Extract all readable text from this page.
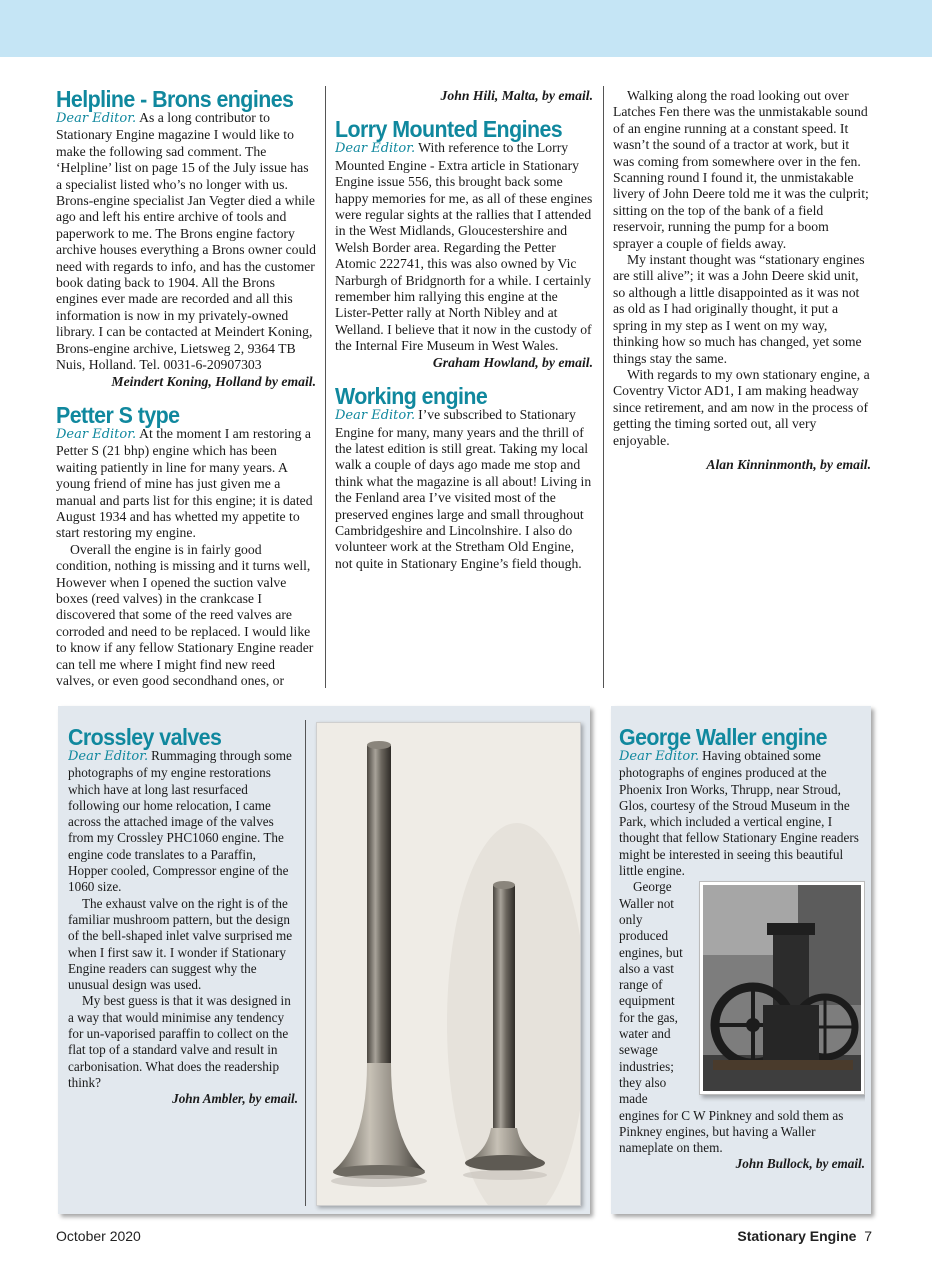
Helpline - Brons engines

Dear Editor. As a long contributor to Stationary Engine magazine I would like to make the following sad comment. The ‘Helpline’ list on page 15 of the July issue has a specialist listed who’s no longer with us. Brons-engine specialist Jan Vegter died a while ago and left his entire archive of tools and paperwork to me. The Brons engine factory archive houses everything a Brons owner could need with regards to info, and has the customer book dating back to 1904. All the Brons engines ever made are recorded and all this information is now in my privately-owned library. I can be contacted at Meindert Koning, Brons-engine archive, Lietsweg 2, 9364 TB Nuis, Holland. Tel. 0031-6-20907303

Meindert Koning, Holland by email.

Petter S type

Dear Editor. At the moment I am restoring a Petter S (21 bhp) engine which has been waiting patiently in line for many years. A young friend of mine has just given me a manual and parts list for this engine; it is dated August 1934 and has whetted my appetite to start restoring my engine.

Overall the engine is in fairly good condition, nothing is missing and it turns well, However when I opened the suction valve boxes (reed valves) in the crankcase I discovered that some of the reed valves are corroded and need to be replaced. I would like to know if any fellow Stationary Engine reader can tell me where I might find new reed valves, or even good secondhand ones, or

John Hili, Malta, by email.

Lorry Mounted Engines

Dear Editor. With reference to the Lorry Mounted Engine - Extra article in Stationary Engine issue 556, this brought back some happy memories for me, as all of these engines were regular sights at the rallies that I attended in the West Midlands, Gloucestershire and Welsh Border area. Regarding the Petter Atomic 222741, this was also owned by Vic Narburgh of Bridgnorth for a while. I certainly remember him rallying this engine at the Lister-Petter rally at North Nibley and at Welland. I believe that it now in the custody of the Internal Fire Museum in West Wales.

Graham Howland, by email.

Working engine

Dear Editor. I’ve subscribed to Stationary Engine for many, many years and the thrill of the latest edition is still great. Taking my local walk a couple of days ago made me stop and think what the magazine is all about! Living in the Fenland area I’ve visited most of the preserved engines large and small throughout Cambridgeshire and Lincolnshire. I also do volunteer work at the Stretham Old Engine, not quite in Stationary Engine’s field though.

Walking along the road looking out over Latches Fen there was the unmistakable sound of an engine running at a constant speed. It wasn’t the sound of a tractor at work, but it was coming from somewhere over in the fen. Scanning round I found it, the unmistakable livery of John Deere told me it was the culprit; sitting on the top of the bank of a field reservoir, running the pump for a boom sprayer a couple of fields away.

My instant thought was “stationary engines are still alive”; it was a John Deere skid unit, so although a little disappointed as it was not as old as I had originally thought, it put a spring in my step as I went on my way, thinking how so much has changed, yet some things stay the same.

With regards to my own stationary engine, a Coventry Victor AD1, I am making headway since retirement, and am now in the process of getting the timing sorted out, all very enjoyable.

Alan Kinninmonth, by email.

Crossley valves

Dear Editor. Rummaging through some photographs of my engine restorations which have at long last resurfaced following our home relocation, I came across the attached image of the valves from my Crossley PHC1060 engine. The engine code translates to a Paraffin, Hopper cooled, Compressor engine of the 1060 size.

The exhaust valve on the right is of the familiar mushroom pattern, but the design of the bell-shaped inlet valve surprised me when I first saw it. I wonder if Stationary Engine readers can suggest why the unusual design was used.

My best guess is that it was designed in a way that would minimise any tendency for un-vaporised paraffin to collect on the flat top of a standard valve and result in carbonisation. What does the readership think?

John Ambler, by email.

George Waller engine

Dear Editor. Having obtained some photographs of engines produced at the Phoenix Iron Works, Thrupp, near Stroud, Glos, courtesy of the Stroud Museum in the Park, which included a vertical engine, I thought that fellow Stationary Engine readers might be interested in seeing this beautiful little engine.

George Waller not only produced engines, but also a vast range of equipment for the gas, water and sewage industries; they also made engines for C W Pinkney and sold them as Pinkney engines, but having a Waller nameplate on them.

John Bullock, by email.

October 2020	Stationary Engine 7
